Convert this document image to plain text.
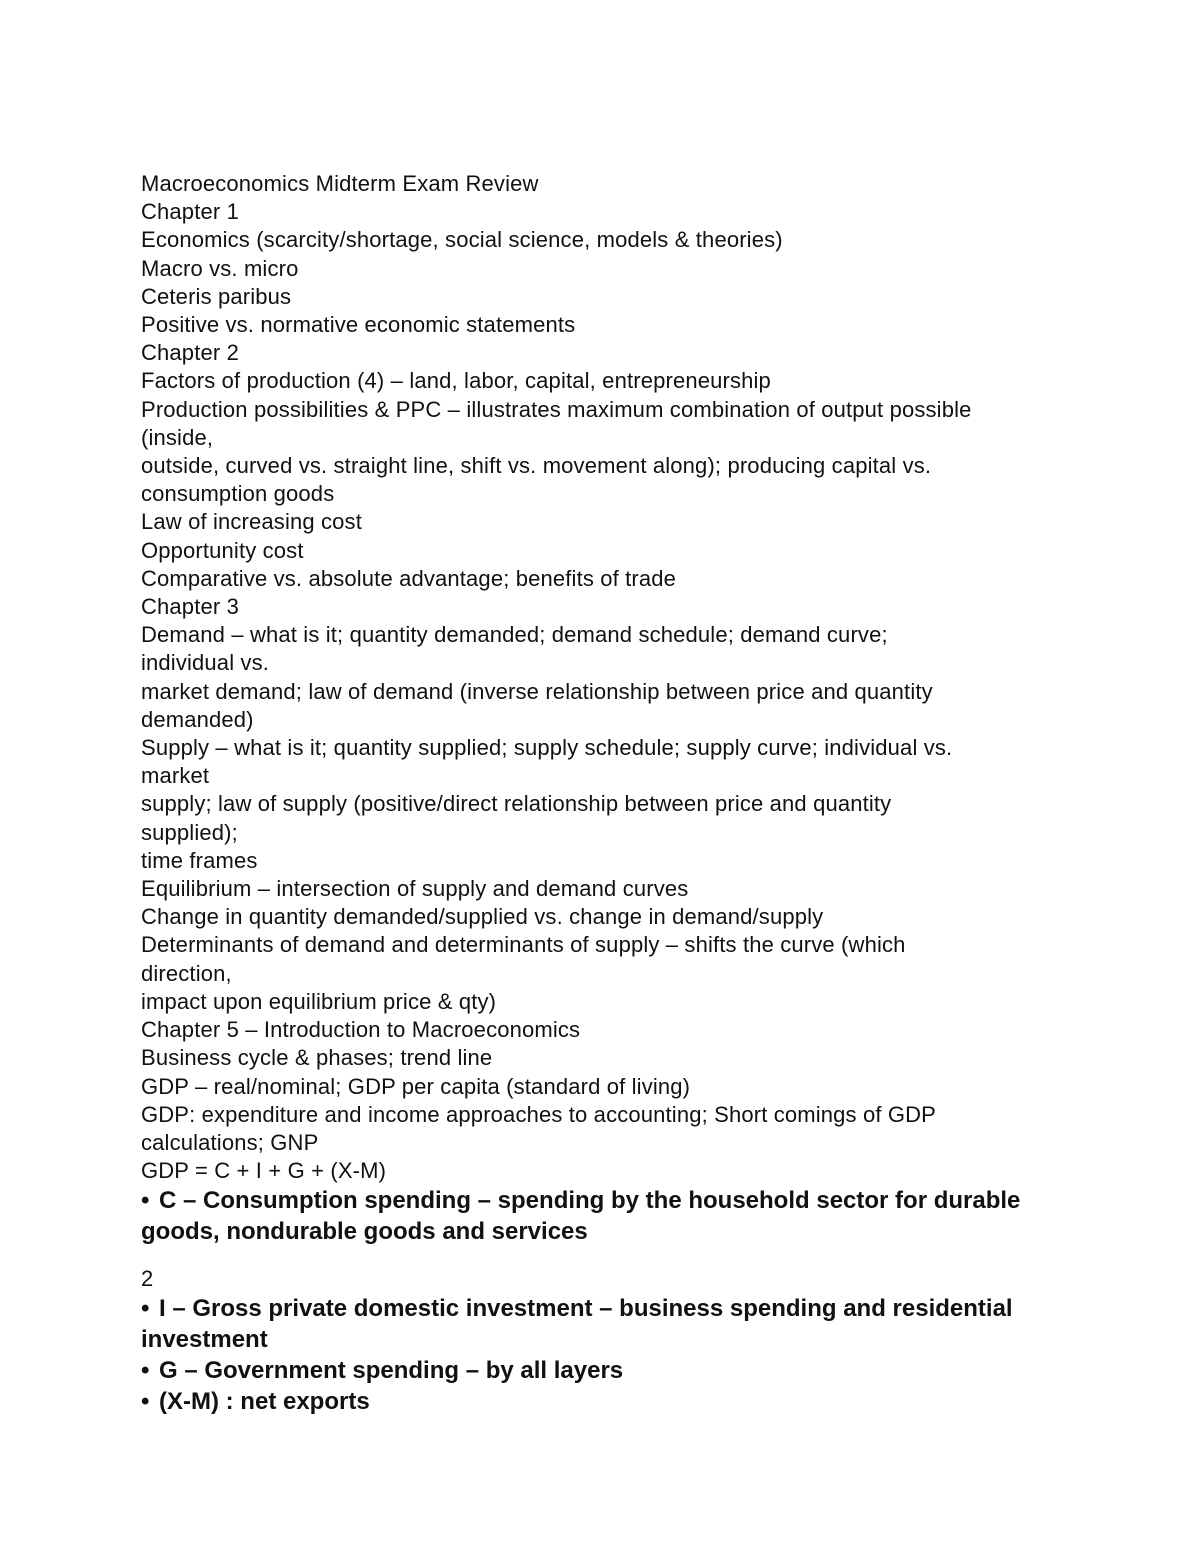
Macroeconomics Midterm Exam Review
Chapter 1
Economics (scarcity/shortage, social science, models & theories)
Macro vs. micro
Ceteris paribus
Positive vs. normative economic statements
Chapter 2
Factors of production (4) – land, labor, capital, entrepreneurship
Production possibilities & PPC – illustrates maximum combination of output possible
(inside,
outside, curved vs. straight line, shift vs. movement along); producing capital vs.
consumption goods
Law of increasing cost
Opportunity cost
Comparative vs. absolute advantage; benefits of trade
Chapter 3
Demand – what is it; quantity demanded; demand schedule; demand curve;
individual vs.
market demand; law of demand (inverse relationship between price and quantity
demanded)
Supply – what is it; quantity supplied; supply schedule; supply curve; individual vs.
market
supply; law of supply (positive/direct relationship between price and quantity
supplied);
time frames
Equilibrium – intersection of supply and demand curves
Change in quantity demanded/supplied vs. change in demand/supply
Determinants of demand and determinants of supply – shifts the curve (which
direction,
impact upon equilibrium price & qty)
Chapter 5 – Introduction to Macroeconomics
Business cycle & phases; trend line
GDP – real/nominal; GDP per capita (standard of living)
GDP: expenditure and income approaches to accounting; Short comings of GDP
calculations; GNP
GDP = C + I + G + (X-M)
• C – Consumption spending – spending by the household sector for durable
goods, nondurable goods and services
2
• I – Gross private domestic investment – business spending and residential
investment
• G – Government spending – by all layers
• (X-M) : net exports
